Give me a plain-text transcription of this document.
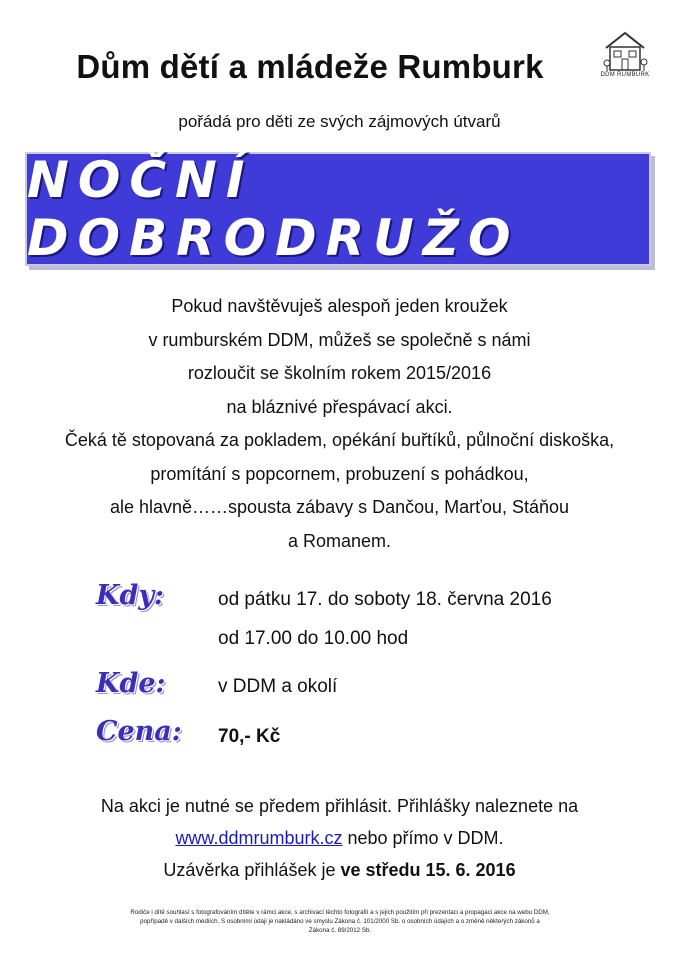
Dům dětí a mládeže Rumburk	DDM RUMBURK
pořádá pro děti ze svých zájmových útvarů
NOČNÍ DOBRODRUŽO
Pokud navštěvuješ alespoň jeden kroužek
v rumburském DDM, můžeš se společně s námi
rozloučit se školním rokem 2015/2016
na bláznivé přespávací akci.
Čeká tě stopovaná za pokladem, opékání buřtíků, půlnoční diskoška,
promítání s popcornem, probuzení s pohádkou,
ale hlavně……spousta zábavy s Dančou, Marťou, Stáňou
a Romanem.
Kdy:	od pátku 17. do soboty 18. června 2016
od 17.00 do 10.00 hod
Kde:	v DDM a okolí
Cena: 70,- Kč
Na akci je nutné se předem přihlásit. Přihlášky naleznete na
www.ddmrumburk.cz nebo přímo v DDM.
Uzávěrka přihlášek je ve středu 15. 6. 2016
Rodiče i dítě souhlasí s fotografováním dítěte v rámci akce, s archivací těchto fotografií a s jejich použitím při prezentaci a propagaci akce na webu DDM,
popřípadě v dalších médiích. S osobními údaji je nakládáno ve smyslu Zákona č. 101/2000 Sb. o osobních údajích a o změně některých zákonů a
Zákona č. 89/2012 Sb.
